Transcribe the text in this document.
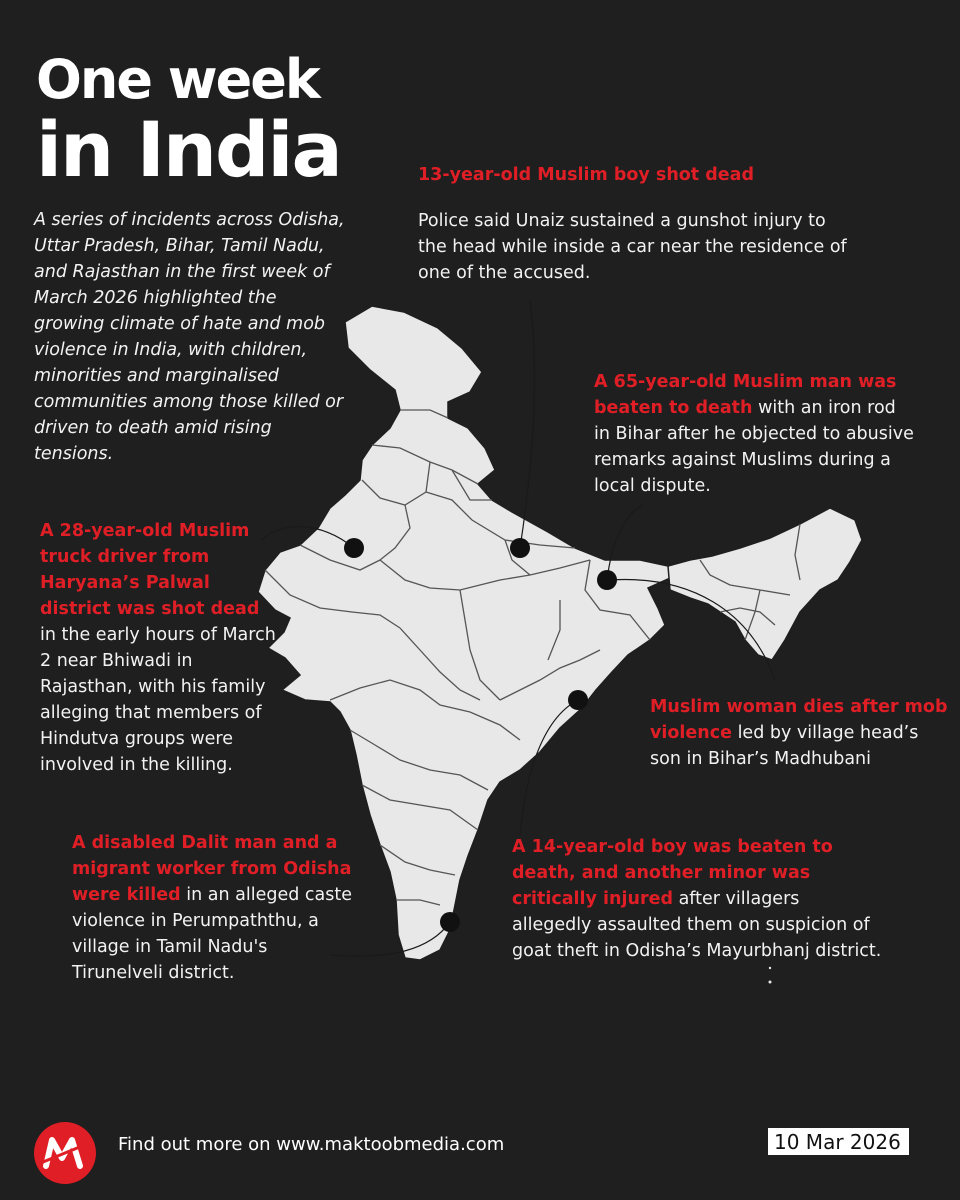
One week
in India

A series of incidents across Odisha, Uttar Pradesh, Bihar, Tamil Nadu, and Rajasthan in the first week of March 2026 highlighted the growing climate of hate and mob violence in India, with children, minorities and marginalised communities among those killed or driven to death amid rising tensions.

13-year-old Muslim boy shot dead
Police said Unaiz sustained a gunshot injury to the head while inside a car near the residence of one of the accused.

A 65-year-old Muslim man was beaten to death with an iron rod in Bihar after he objected to abusive remarks against Muslims during a local dispute.

A 28-year-old Muslim truck driver from Haryana’s Palwal district was shot dead in the early hours of March 2 near Bhiwadi in Rajasthan, with his family alleging that members of Hindutva groups were involved in the killing.

Muslim woman dies after mob violence led by village head’s son in Bihar’s Madhubani

A disabled Dalit man and a migrant worker from Odisha were killed in an alleged caste violence in Perumpaththu, a village in Tamil Nadu's Tirunelveli district.

A 14-year-old boy was beaten to death, and another minor was critically injured after villagers allegedly assaulted them on suspicion of goat theft in Odisha’s Mayurbhanj district.

Find out more on www.maktoobmedia.com	10 Mar 2026
